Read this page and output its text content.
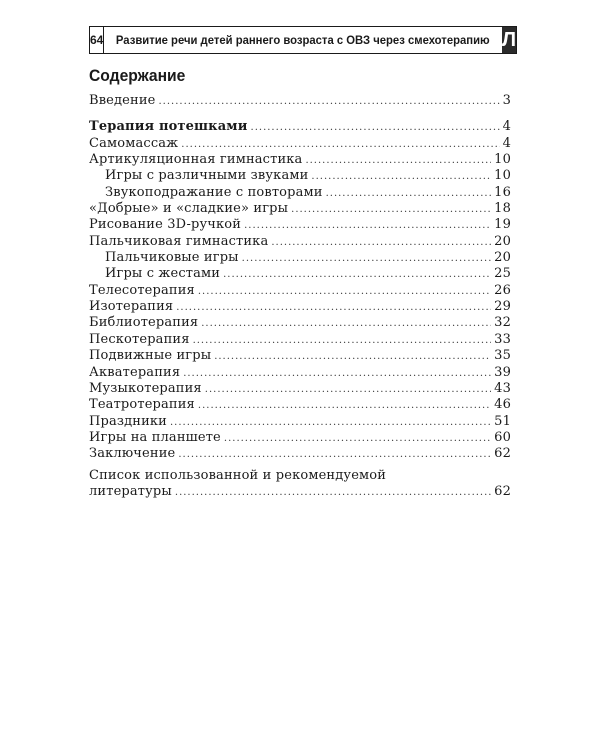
64 Развитие речи детей раннего возраста с ОВЗ через смехотерапию Л
Содержание
Введение .....	3
Терапия потешками .....	4
Самомассаж .....	4
Артикуляционная гимнастика .....	10
Игры с различными звуками .....	10
Звукоподражание с повторами .....	16
«Добрые» и «сладкие» игры .....	18
Рисование 3D-ручкой .....	19
Пальчиковая гимнастика .....	20
Пальчиковые игры .....	20
Игры с жестами .....	25
Телесотерапия .....	26
Изотерапия .....	29
Библиотерапия .....	32
Пескотерапия .....	33
Подвижные игры .....	35
Акватерапия .....	39
Музыкотерапия .....	43
Театротерапия .....	46
Праздники .....	51
Игры на планшете .....	60
Заключение .....	62
Список использованной и рекомендуемой
литературы .....	62
